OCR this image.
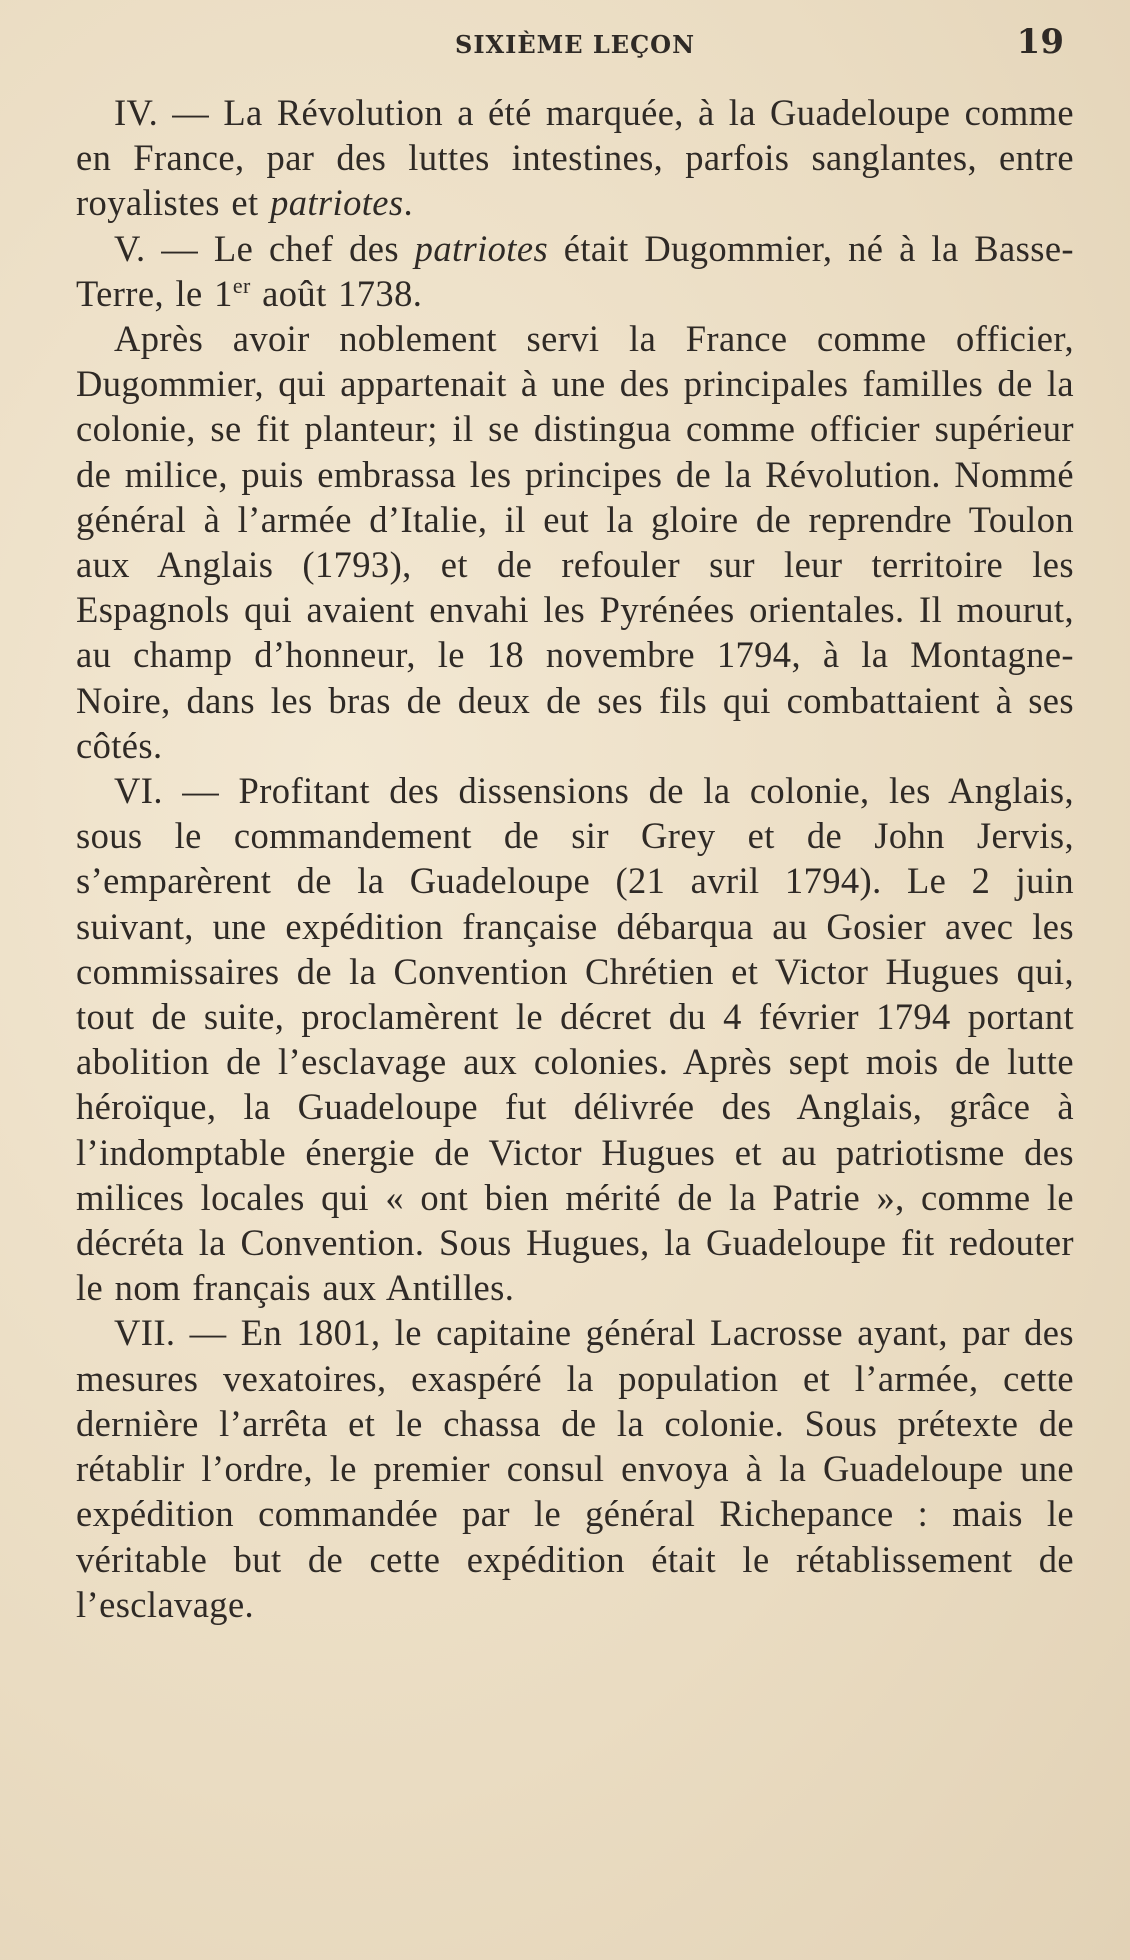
SIXIÈME LEÇON	19

IV. — La Révolution a été marquée, à la Guadeloupe comme en France, par des luttes intestines, parfois sanglantes, entre royalistes et patriotes.

V. — Le chef des patriotes était Dugommier, né à la Basse-Terre, le 1er août 1738.

Après avoir noblement servi la France comme officier, Dugommier, qui appartenait à une des principales familles de la colonie, se fit planteur; il se distingua comme officier supérieur de milice, puis embrassa les principes de la Révolution. Nommé général à l’armée d’Italie, il eut la gloire de reprendre Toulon aux Anglais (1793), et de refouler sur leur territoire les Espagnols qui avaient envahi les Pyrénées orientales. Il mourut, au champ d’honneur, le 18 novembre 1794, à la Montagne-Noire, dans les bras de deux de ses fils qui combattaient à ses côtés.

VI. — Profitant des dissensions de la colonie, les Anglais, sous le commandement de sir Grey et de John Jervis, s’emparèrent de la Guadeloupe (21 avril 1794). Le 2 juin suivant, une expédition française débarqua au Gosier avec les commissaires de la Convention Chrétien et Victor Hugues qui, tout de suite, proclamèrent le décret du 4 février 1794 portant abolition de l’esclavage aux colonies. Après sept mois de lutte héroïque, la Guadeloupe fut délivrée des Anglais, grâce à l’indomptable énergie de Victor Hugues et au patriotisme des milices locales qui « ont bien mérité de la Patrie », comme le décréta la Convention. Sous Hugues, la Guadeloupe fit redouter le nom français aux Antilles.

VII. — En 1801, le capitaine général Lacrosse ayant, par des mesures vexatoires, exaspéré la population et l’armée, cette dernière l’arrêta et le chassa de la colonie. Sous prétexte de rétablir l’ordre, le premier consul envoya à la Guadeloupe une expédition commandée par le général Richepance : mais le véritable but de cette expédition était le rétablissement de l’esclavage.
